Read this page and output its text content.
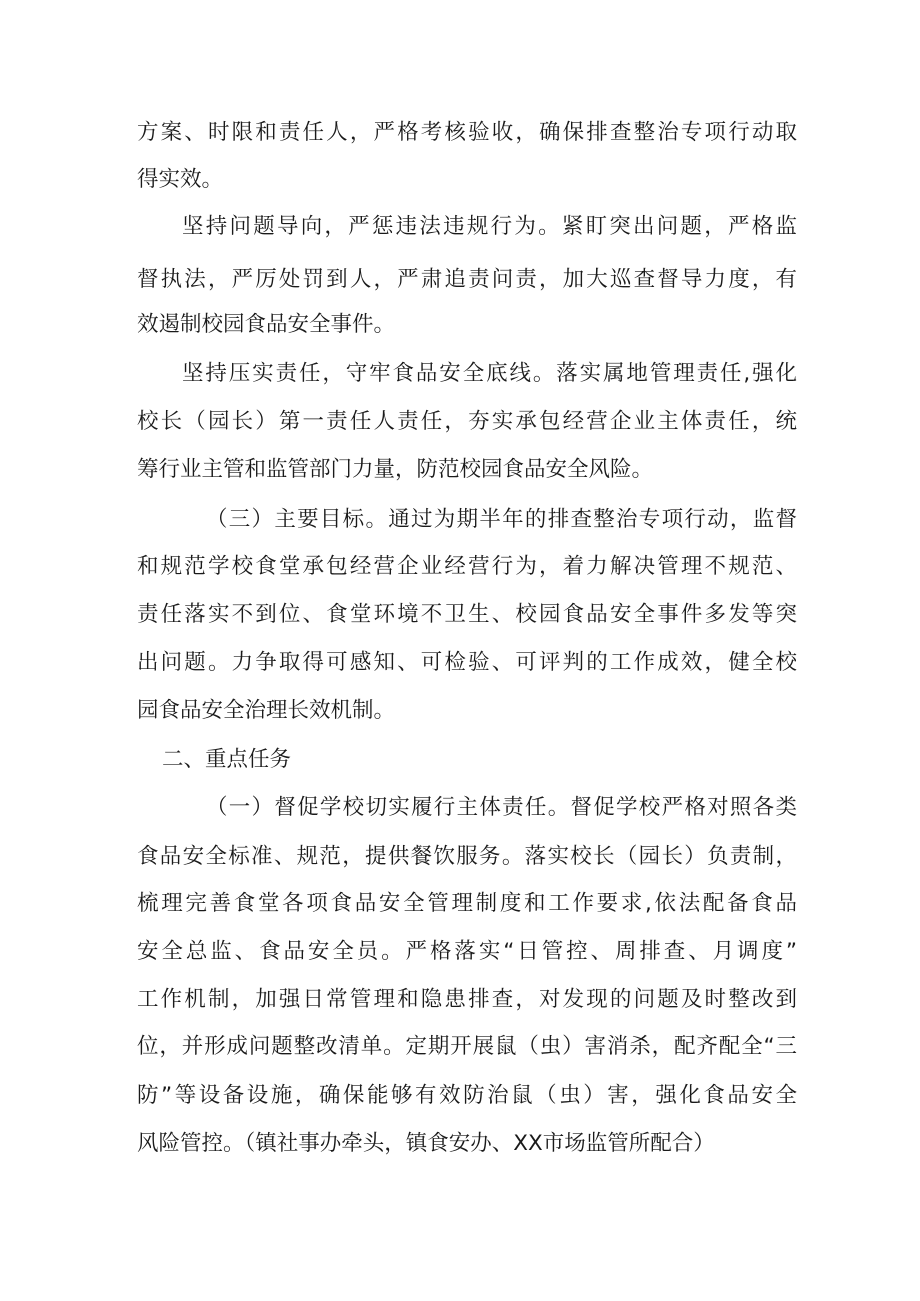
方案、时限和责任人，严格考核验收，确保排查整治专项行动取
得实效。
坚持问题导向，严惩违法违规行为。紧盯突出问题，严格监
督执法，严厉处罚到人，严肃追责问责，加大巡查督导力度，有
效遏制校园食品安全事件。
坚持压实责任，守牢食品安全底线。落实属地管理责任,强化
校长（园长）第一责任人责任，夯实承包经营企业主体责任，统
筹行业主管和监管部门力量，防范校园食品安全风险。
（三）主要目标。通过为期半年的排查整治专项行动，监督
和规范学校食堂承包经营企业经营行为，着力解决管理不规范、
责任落实不到位、食堂环境不卫生、校园食品安全事件多发等突
出问题。力争取得可感知、可检验、可评判的工作成效，健全校
园食品安全治理长效机制。
二、重点任务
（一）督促学校切实履行主体责任。督促学校严格对照各类
食品安全标准、规范，提供餐饮服务。落实校长（园长）负责制，
梳理完善食堂各项食品安全管理制度和工作要求,依法配备食品
安全总监、食品安全员。严格落实“日管控、周排查、月调度”
工作机制，加强日常管理和隐患排查，对发现的问题及时整改到
位，并形成问题整改清单。定期开展鼠（虫）害消杀，配齐配全“三
防”等设备设施，确保能够有效防治鼠（虫）害，强化食品安全
风险管控。（镇社事办牵头，镇食安办、XX市场监管所配合）
